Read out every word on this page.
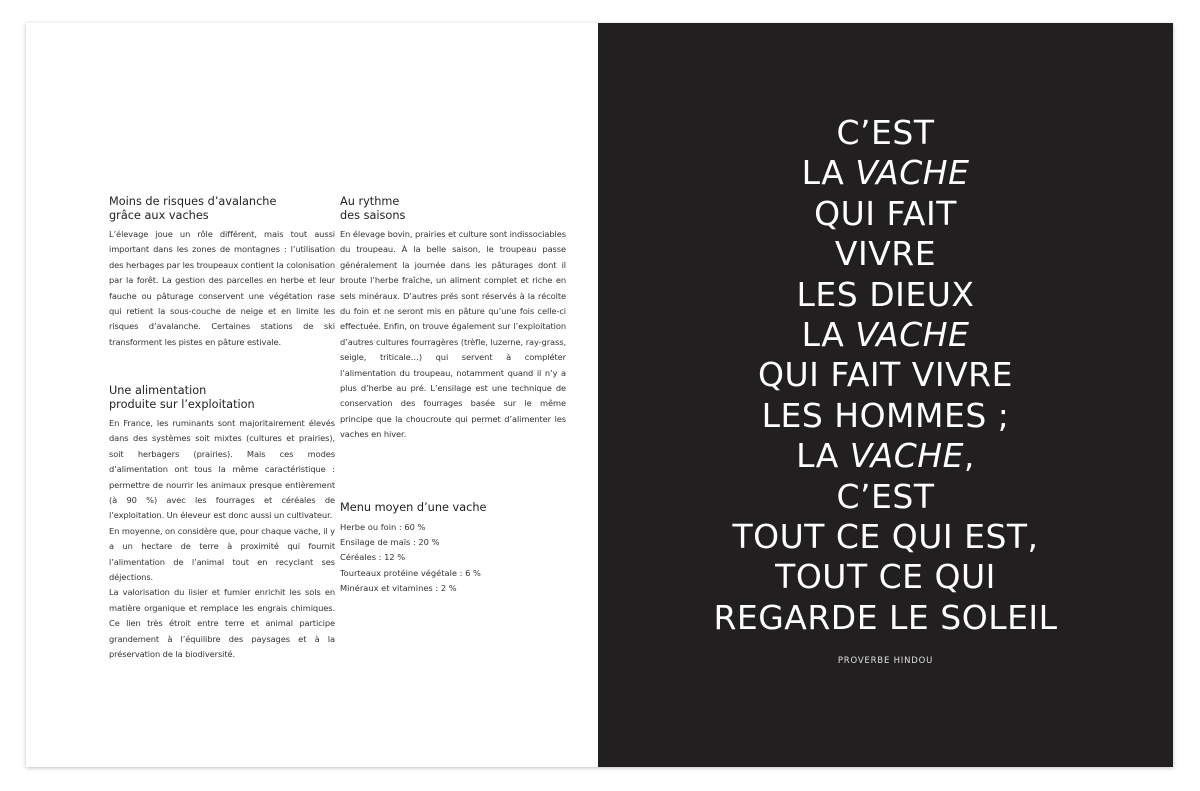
Moins de risques d’avalanche
grâce aux vaches
L’élevage joue un rôle différent, mais tout aussi important dans les zones de montagnes : l’utilisation des herbages par les troupeaux contient la colonisation par la forêt. La gestion des parcelles en herbe et leur fauche ou pâturage conservent une végétation rase qui retient la sous-couche de neige et en limite les risques d’avalanche. Certaines stations de ski transforment les pistes en pâture estivale.
Une alimentation
produite sur l’exploitation

En France, les ruminants sont majoritairement élevés dans des systèmes soit mixtes (cultures et prairies), soit herbagers (prairies). Mais ces modes d’alimentation ont tous la même caractéristique : permettre de nourrir les animaux presque entièrement (à 90 %) avec les fourrages et céréales de l’exploitation. Un éleveur est donc aussi un cultivateur.

En moyenne, on considère que, pour chaque vache, il y a un hectare de terre à proximité qui fournit l’alimentation de l’animal tout en recyclant ses déjections.

La valorisation du lisier et fumier enrichit les sols en matière organique et remplace les engrais chimiques. Ce lien très étroit entre terre et animal participe grandement à l’équilibre des paysages et à la préservation de la biodiversité.

Au rythme
des saisons
En élevage bovin, prairies et culture sont indissociables du troupeau. À la belle saison, le troupeau passe généralement la journée dans les pâturages dont il broute l’herbe fraîche, un aliment complet et riche en sels minéraux. D’autres prés sont réservés à la récolte du foin et ne seront mis en pâture qu’une fois celle-ci effectuée. Enfin, on trouve également sur l’exploitation d’autres cultures fourragères (trèfle, luzerne, ray-grass, seigle, triticale…) qui servent à compléter l’alimentation du troupeau, notamment quand il n’y a plus d’herbe au pré. L’ensilage est une technique de conservation des fourrages basée sur le même principe que la choucroute qui permet d’alimenter les vaches en hiver.
Menu moyen d’une vache
Herbe ou foin : 60 %
Ensilage de maïs : 20 %
Céréales : 12 %
Tourteaux protéine végétale : 6 %
Minéraux et vitamines : 2 %
C’EST
LA VACHE
QUI FAIT
VIVRE
LES DIEUX
LA VACHE
QUI FAIT VIVRE
LES HOMMES ;
LA VACHE,
C’EST
TOUT CE QUI EST,
TOUT CE QUI
REGARDE LE SOLEIL
PROVERBE HINDOU
